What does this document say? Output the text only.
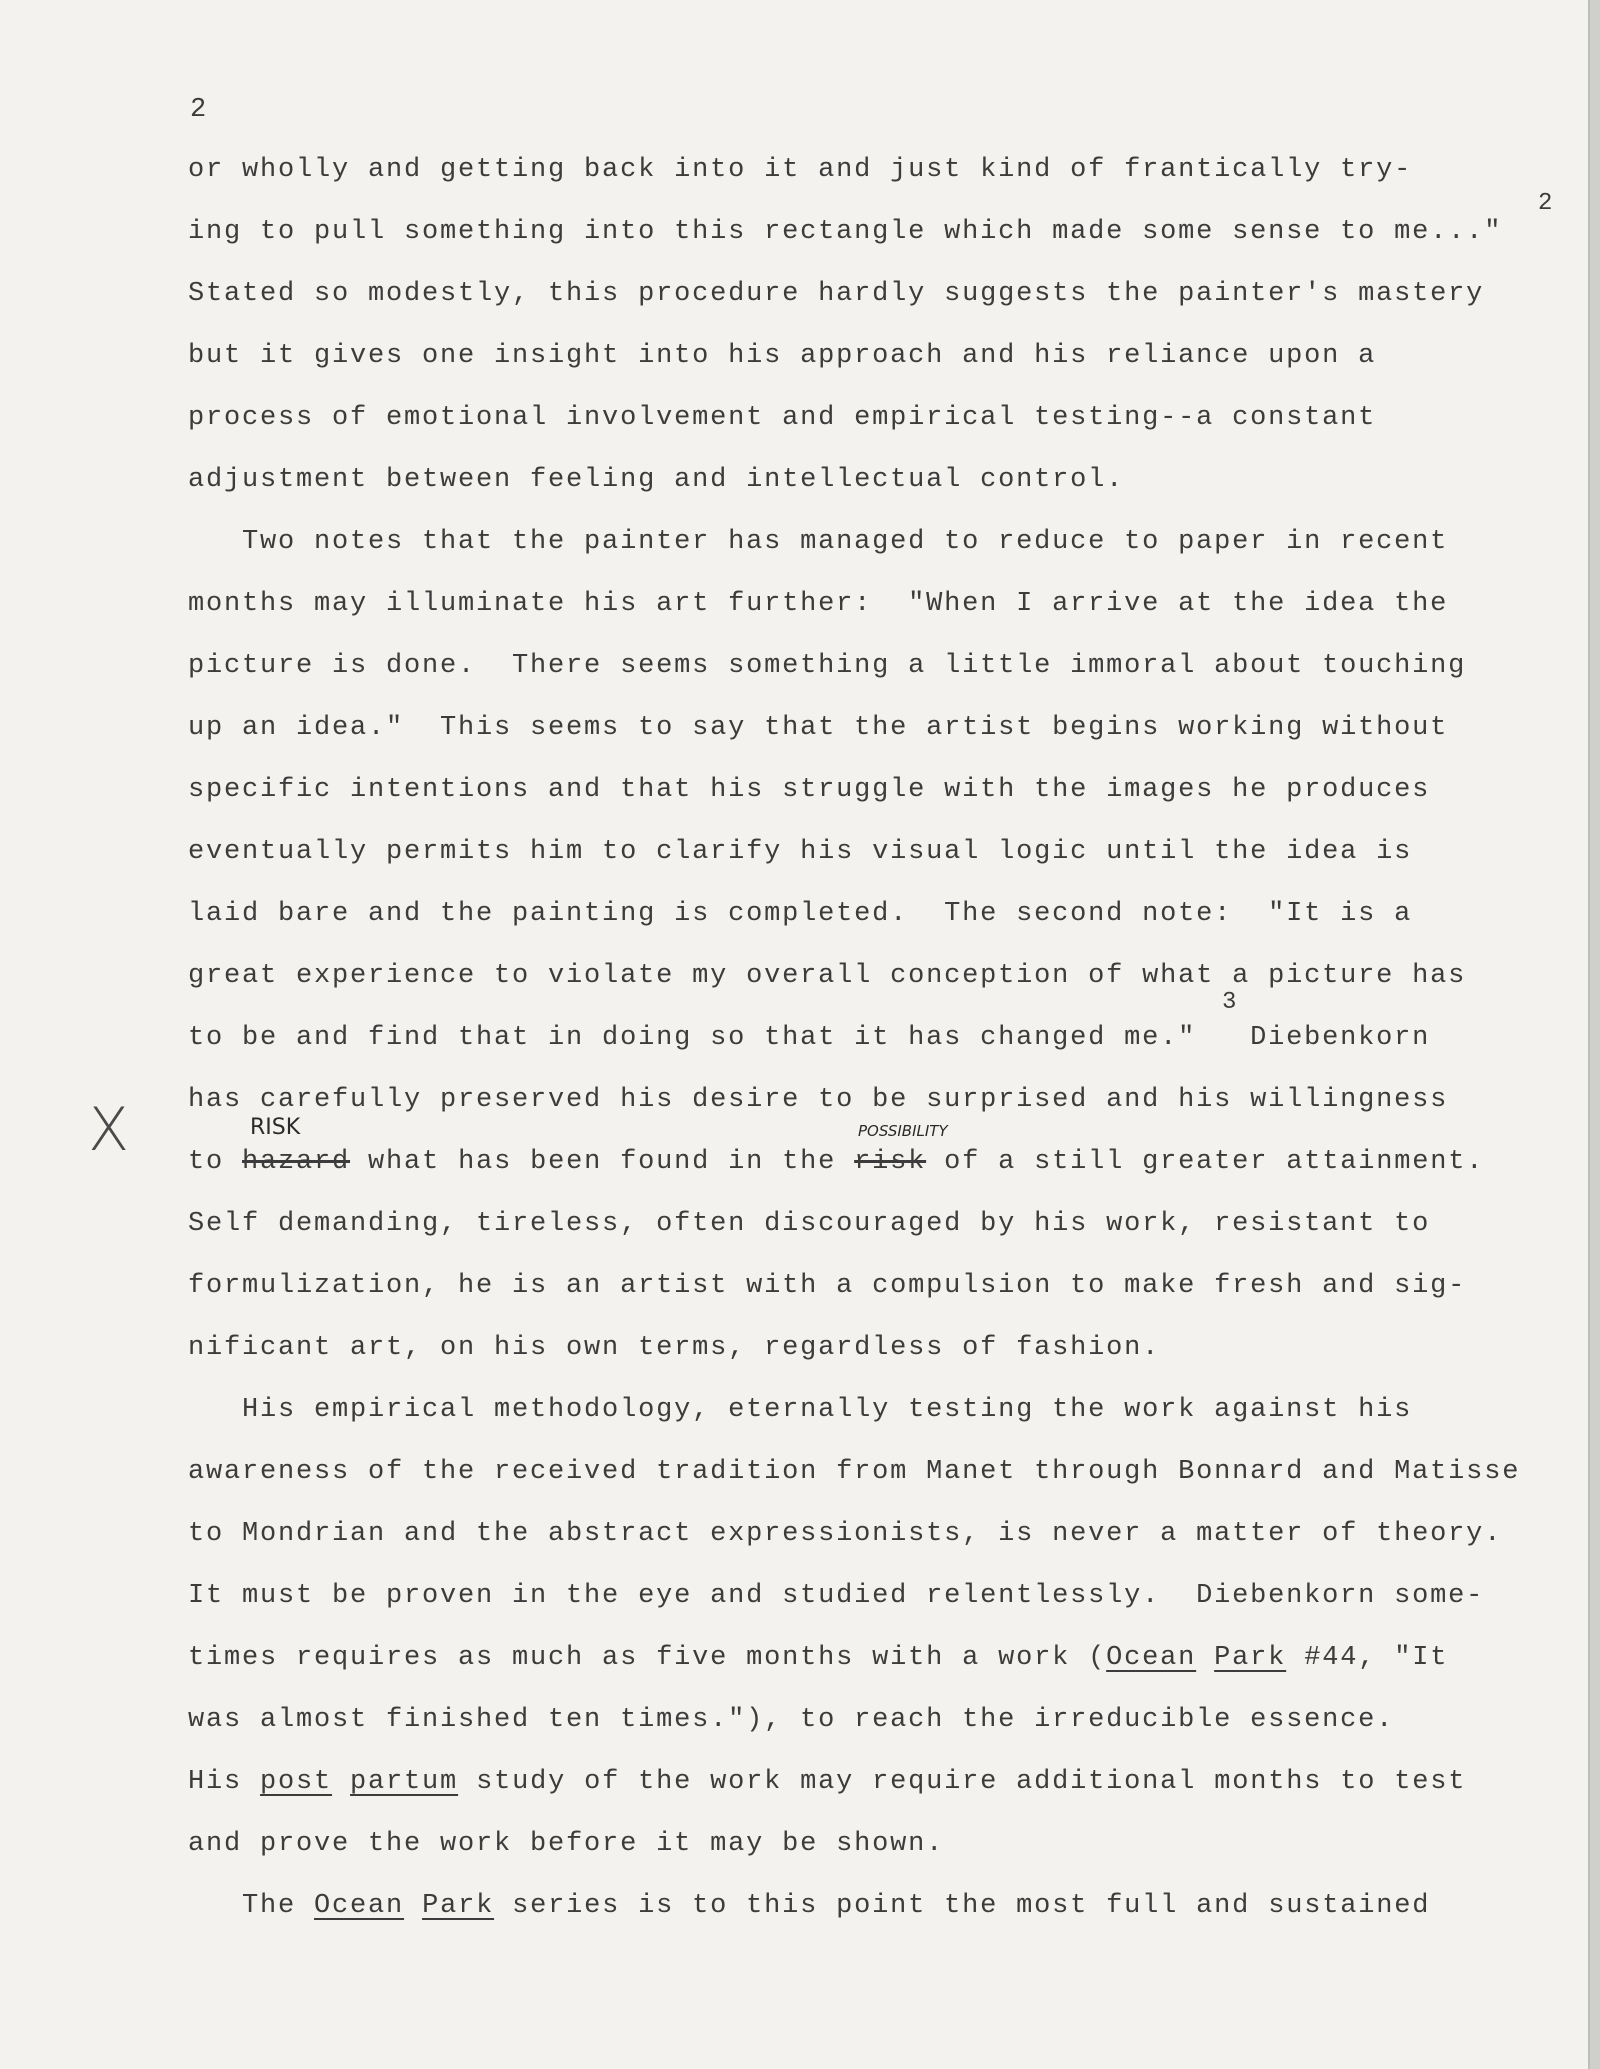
2
or wholly and getting back into it and just kind of frantically try-
2
ing to pull something into this rectangle which made some sense to me..."
Stated so modestly, this procedure hardly suggests the painter's mastery
but it gives one insight into his approach and his reliance upon a
process of emotional involvement and empirical testing--a constant
adjustment between feeling and intellectual control.
Two notes that the painter has managed to reduce to paper in recent
months may illuminate his art further:  "When I arrive at the idea the
picture is done.  There seems something a little immoral about touching
up an idea."  This seems to say that the artist begins working without
specific intentions and that his struggle with the images he produces
eventually permits him to clarify his visual logic until the idea is
laid bare and the painting is completed.  The second note:  "It is a
great experience to violate my overall conception of what a picture has
3
to be and find that in doing so that it has changed me."   Diebenkorn
has carefully preserved his desire to be surprised and his willingness
X	RISK	POSSIBILITY
to hazard what has been found in the risk of a still greater attainment.
Self demanding, tireless, often discouraged by his work, resistant to
formulization, he is an artist with a compulsion to make fresh and sig-
nificant art, on his own terms, regardless of fashion.
His empirical methodology, eternally testing the work against his
awareness of the received tradition from Manet through Bonnard and Matisse
to Mondrian and the abstract expressionists, is never a matter of theory.
It must be proven in the eye and studied relentlessly.  Diebenkorn some-
times requires as much as five months with a work (Ocean Park #44, "It
was almost finished ten times."), to reach the irreducible essence.
His post partum study of the work may require additional months to test
and prove the work before it may be shown.
The Ocean Park series is to this point the most full and sustained
